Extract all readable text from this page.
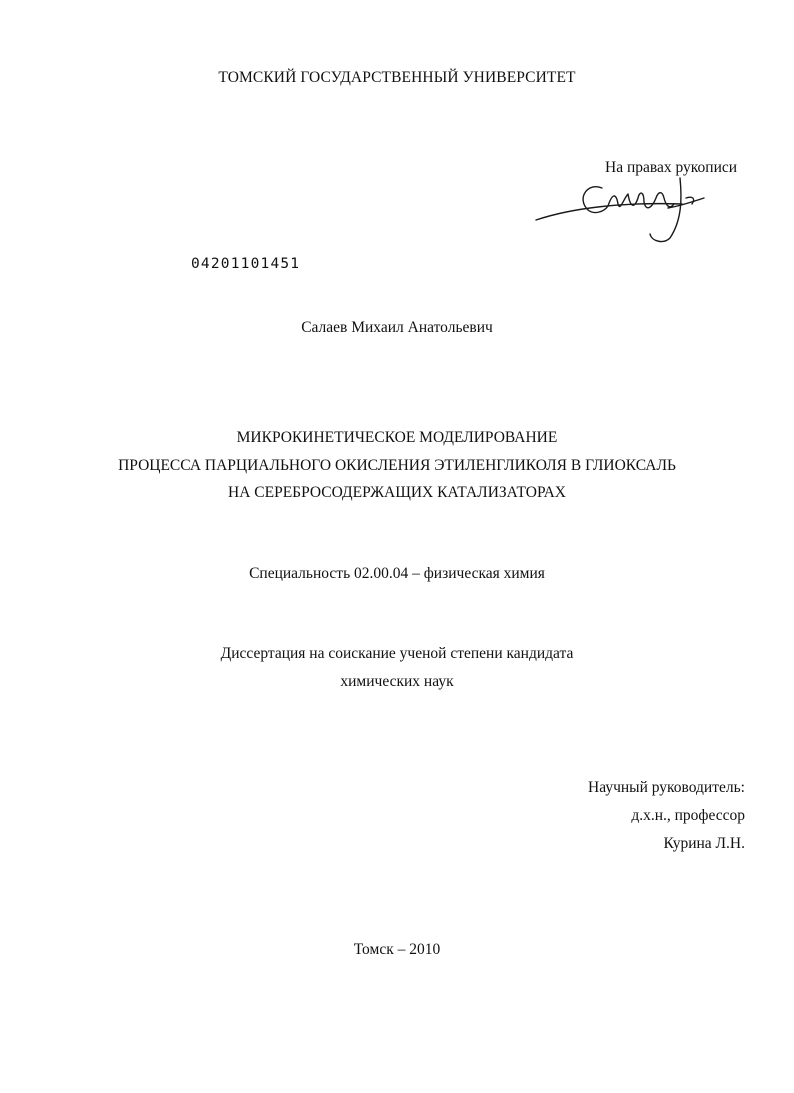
ТОМСКИЙ ГОСУДАРСТВЕННЫЙ УНИВЕРСИТЕТ
На правах рукописи
04201101451
Салаев Михаил Анатольевич
МИКРОКИНЕТИЧЕСКОЕ МОДЕЛИРОВАНИЕ
ПРОЦЕССА ПАРЦИАЛЬНОГО ОКИСЛЕНИЯ ЭТИЛЕНГЛИКОЛЯ В ГЛИОКСАЛЬ
НА СЕРЕБРОСОДЕРЖАЩИХ КАТАЛИЗАТОРАХ
Специальность 02.00.04 – физическая химия
Диссертация на соискание ученой степени кандидата
химических наук
Научный руководитель:
д.х.н., профессор
Курина Л.Н.
Томск – 2010
